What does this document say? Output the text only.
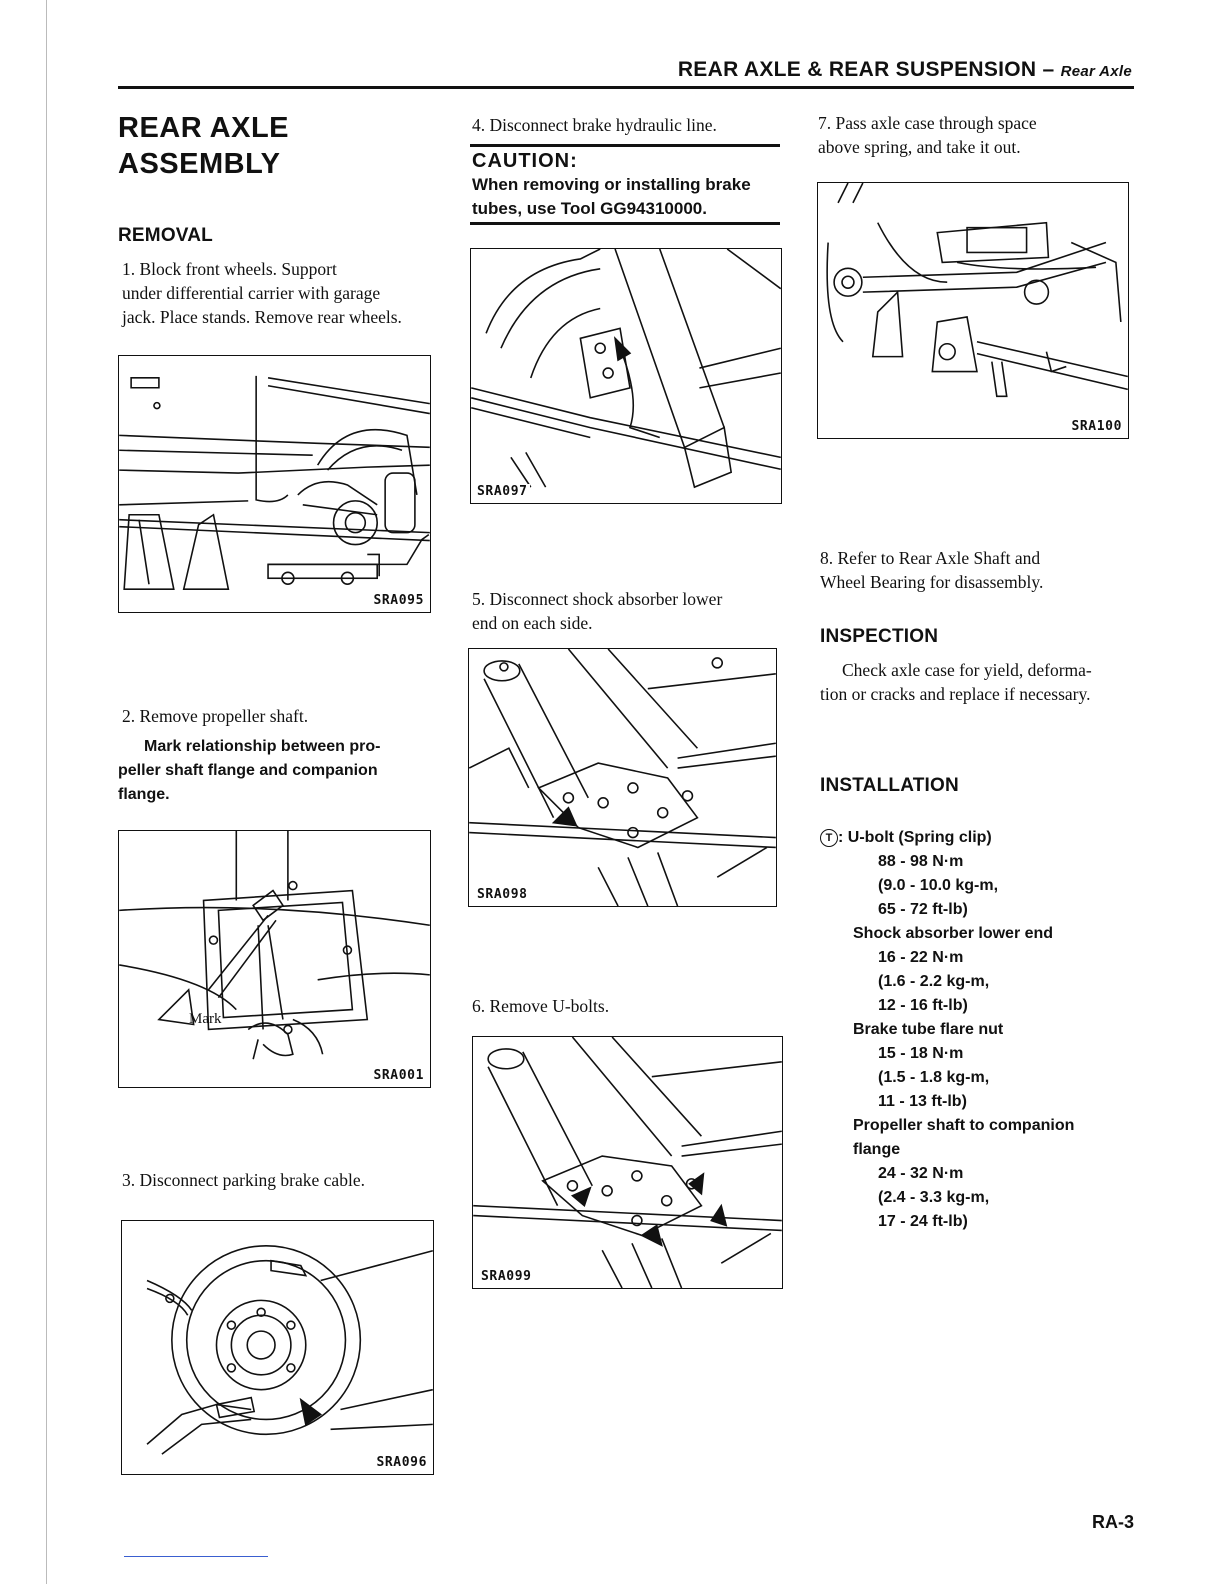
REAR AXLE & REAR SUSPENSION – Rear Axle
REAR AXLE
ASSEMBLY
REMOVAL
1. Block front wheels. Support
under differential carrier with garage
jack. Place stands. Remove rear wheels.
SRA095
2. Remove propeller shaft.
Mark relationship between pro-
peller shaft flange and companion
flange.
Mark
SRA001
3. Disconnect parking brake cable.
SRA096
4. Disconnect brake hydraulic line.
CAUTION:
When removing or installing brake
tubes, use Tool GG94310000.
SRA097
5. Disconnect shock absorber lower
end on each side.
SRA098
6. Remove U-bolts.
SRA099
7. Pass axle case through space
above spring, and take it out.
SRA100
8. Refer to Rear Axle Shaft and
Wheel Bearing for disassembly.
INSPECTION
Check axle case for yield, deforma-
tion or cracks and replace if necessary.
INSTALLATION
T : U-bolt (Spring clip)
88 - 98 N·m
(9.0 - 10.0 kg-m,
65 - 72 ft-lb)
Shock absorber lower end
16 - 22 N·m
(1.6 - 2.2 kg-m,
12 - 16 ft-lb)
Brake tube flare nut
15 - 18 N·m
(1.5 - 1.8 kg-m,
11 - 13 ft-lb)
Propeller shaft to companion
flange
24 - 32 N·m
(2.4 - 3.3 kg-m,
17 - 24 ft-lb)
RA-3
